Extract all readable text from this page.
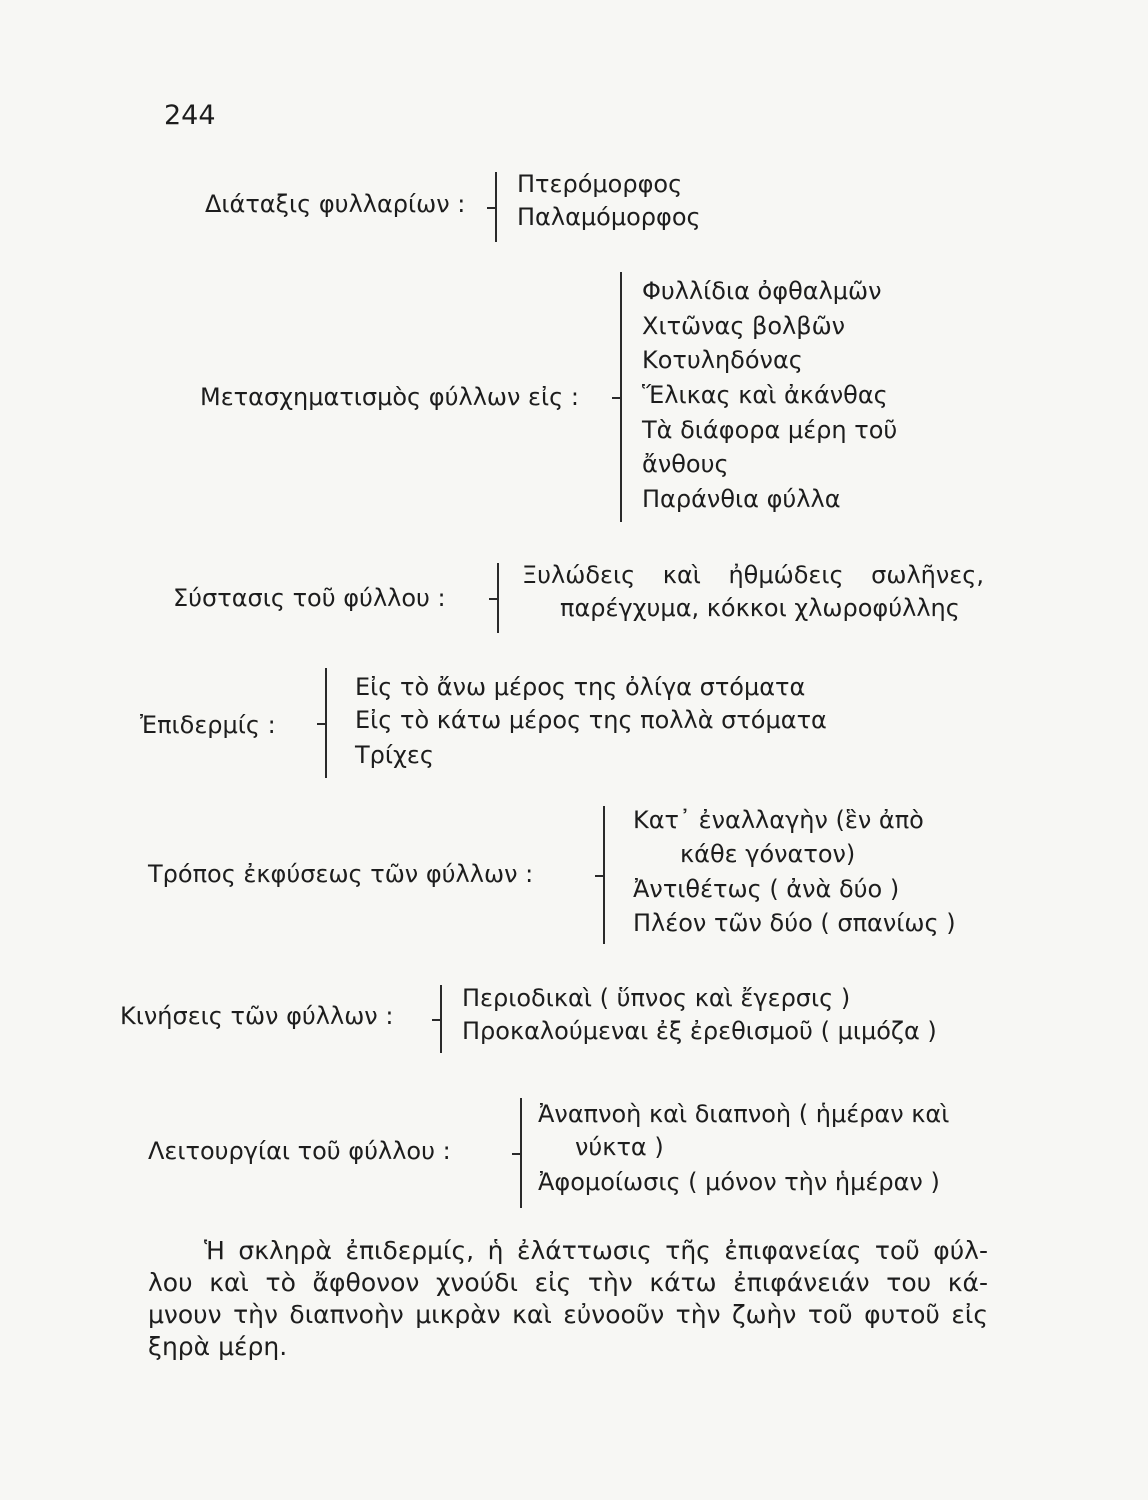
244
Διάταξις φυλλαρίων :
Πτερόμορφος
Παλαμόμορφος
Μετασχηματισμὸς φύλλων εἰς :
Φυλλίδια ὀφθαλμῶν
Χιτῶνας βολβῶν
Κοτυληδόνας
Ἕλικας καὶ ἀκάνθας
Τὰ διάφορα μέρη τοῦ
ἄνθους
Παράνθια φύλλα
Σύστασις τοῦ φύλλου :
Ξυλώδεις καὶ ἠθμώδεις σωλῆνες,
παρέγχυμα, κόκκοι χλωροφύλλης
Ἐπιδερμίς :
Εἰς τὸ ἄνω μέρος της ὀλίγα στόματα
Εἰς τὸ κάτω μέρος της πολλὰ στόματα
Τρίχες
Τρόπος ἐκφύσεως τῶν φύλλων :
Κατ᾽ ἐναλλαγὴν (ἓν ἀπὸ
κάθε γόνατον)
Ἀντιθέτως ( ἀνὰ δύο )
Πλέον τῶν δύο ( σπανίως )
Κινήσεις τῶν φύλλων :
Περιοδικαὶ ( ὕπνος καὶ ἔγερσις )
Προκαλούμεναι ἐξ ἐρεθισμοῦ ( μιμόζα )
Λειτουργίαι τοῦ φύλλου :
Ἀναπνοὴ καὶ διαπνοὴ ( ἡμέραν καὶ
νύκτα )
Ἀφομοίωσις ( μόνον τὴν ἡμέραν )
Ἡ σκληρὰ ἐπιδερμίς, ἡ ἐλάττωσις τῆς ἐπιφανείας τοῦ φύλ-
λου καὶ τὸ ἄφθονον χνούδι εἰς τὴν κάτω ἐπιφάνειάν του κά-
μνουν τὴν διαπνοὴν μικρὰν καὶ εὐνοοῦν τὴν ζωὴν τοῦ φυτοῦ εἰς
ξηρὰ μέρη.
